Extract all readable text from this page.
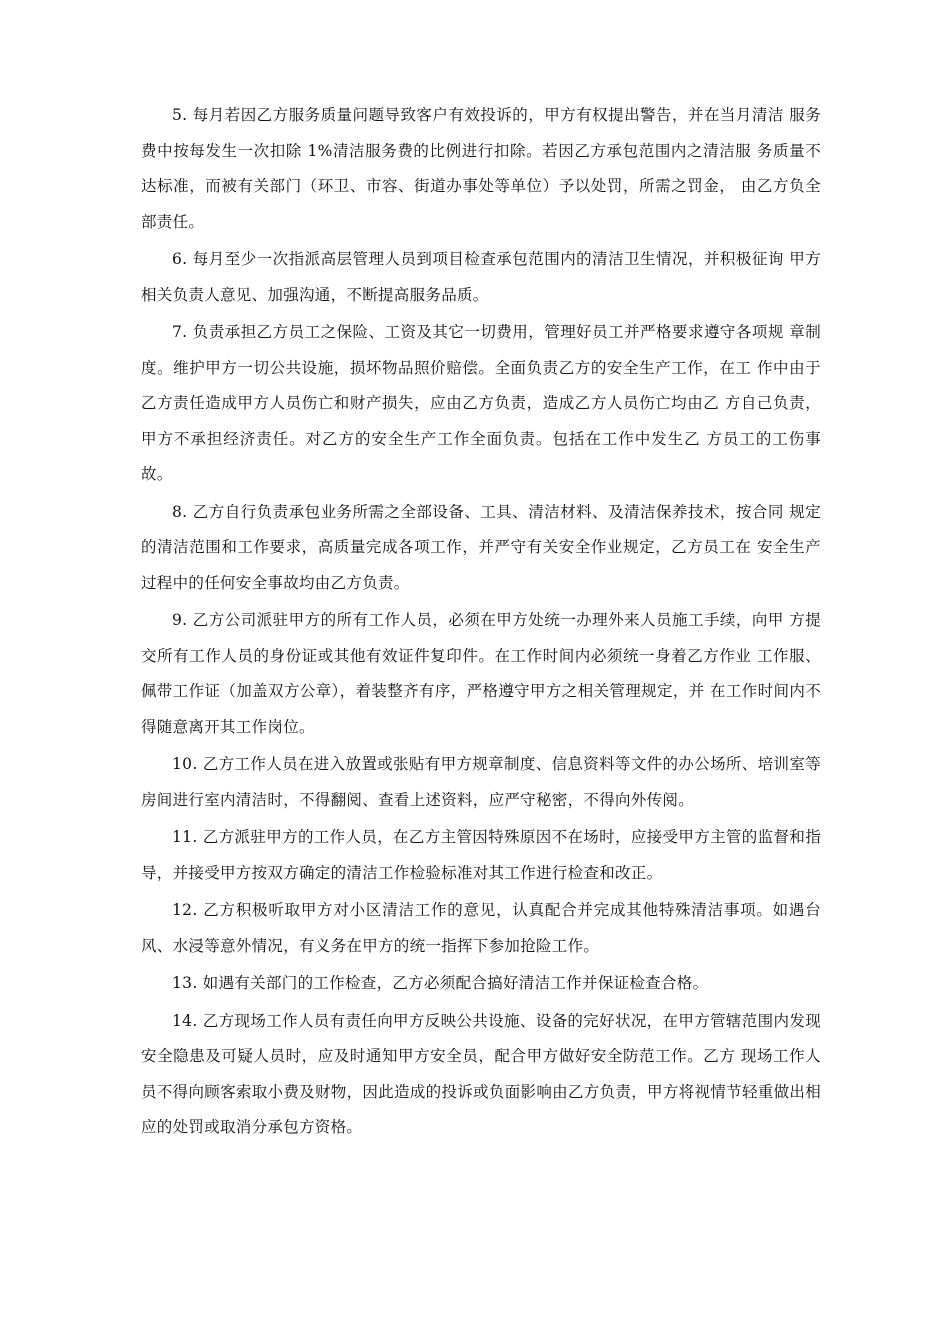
5. 每月若因乙方服务质量问题导致客户有效投诉的，甲方有权提出警告，并在当月清洁 服务费中按每发生一次扣除 1%清洁服务费的比例进行扣除。若因乙方承包范围内之清洁服 务质量不达标准，而被有关部门（环卫、市容、街道办事处等单位）予以处罚，所需之罚金， 由乙方负全部责任。

6. 每月至少一次指派高层管理人员到项目检查承包范围内的清洁卫生情况，并积极征询 甲方相关负责人意见、加强沟通，不断提高服务品质。

7. 负责承担乙方员工之保险、工资及其它一切费用，管理好员工并严格要求遵守各项规 章制度。维护甲方一切公共设施，损坏物品照价赔偿。全面负责乙方的安全生产工作，在工 作中由于乙方责任造成甲方人员伤亡和财产损失，应由乙方负责，造成乙方人员伤亡均由乙 方自己负责，甲方不承担经济责任。对乙方的安全生产工作全面负责。包括在工作中发生乙 方员工的工伤事故。

8. 乙方自行负责承包业务所需之全部设备、工具、清洁材料、及清洁保养技术，按合同 规定的清洁范围和工作要求，高质量完成各项工作，并严守有关安全作业规定，乙方员工在 安全生产过程中的任何安全事故均由乙方负责。

9. 乙方公司派驻甲方的所有工作人员，必须在甲方处统一办理外来人员施工手续，向甲 方提交所有工作人员的身份证或其他有效证件复印件。在工作时间内必须统一身着乙方作业 工作服、佩带工作证（加盖双方公章），着装整齐有序，严格遵守甲方之相关管理规定，并 在工作时间内不得随意离开其工作岗位。

10. 乙方工作人员在进入放置或张贴有甲方规章制度、信息资料等文件的办公场所、培训室等房间进行室内清洁时，不得翻阅、查看上述资料，应严守秘密，不得向外传阅。

11. 乙方派驻甲方的工作人员，在乙方主管因特殊原因不在场时，应接受甲方主管的监督和指导，并接受甲方按双方确定的清洁工作检验标准对其工作进行检查和改正。

12. 乙方积极听取甲方对小区清洁工作的意见，认真配合并完成其他特殊清洁事项。如遇台风、水浸等意外情况，有义务在甲方的统一指挥下参加抢险工作。

13. 如遇有关部门的工作检查，乙方必须配合搞好清洁工作并保证检查合格。

14. 乙方现场工作人员有责任向甲方反映公共设施、设备的完好状况，在甲方管辖范围内发现安全隐患及可疑人员时，应及时通知甲方安全员，配合甲方做好安全防范工作。乙方 现场工作人员不得向顾客索取小费及财物，因此造成的投诉或负面影响由乙方负责，甲方将视情节轻重做出相应的处罚或取消分承包方资格。
